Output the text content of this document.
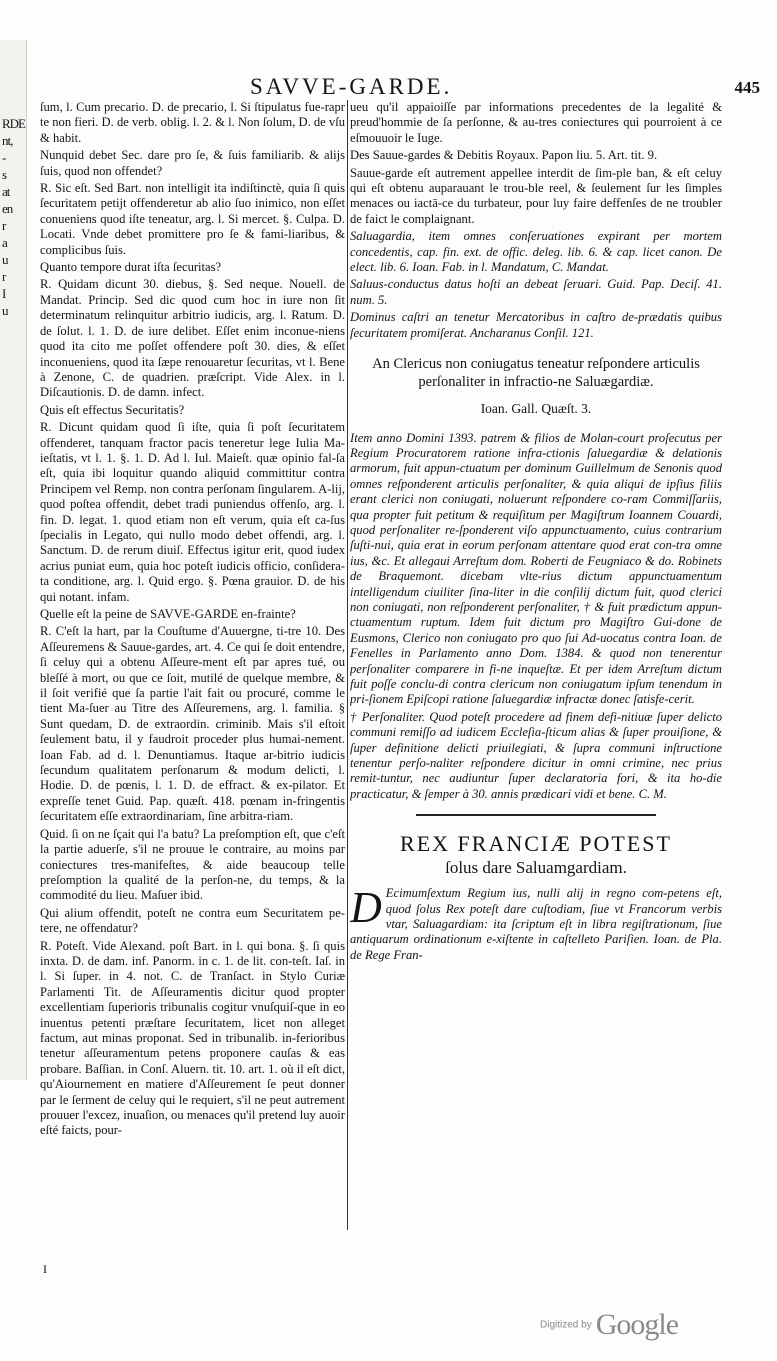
RDE
nt,
-
s
at
en
r
a
u
r
I
u
SAVVE-GARDE.	445

ſum, l. Cum precario. D. de precario, l. Si ſtipulatus fue-rapr te non fieri. D. de verb. oblig. l. 2. & l. Non ſolum, D. de vſu & habit.

Nunquid debet Sec. dare pro ſe, & ſuis familiarib. & alijs ſuis, quod non offendet?

R. Sic eſt. Sed Bart. non intelligit ita indiſtinctè, quia ſi quis ſecuritatem petijt offenderetur ab alio ſuo inimico, non eſſet conueniens quod iſte teneatur, arg. l. Si mercet. §. Culpa. D. Locati. Vnde debet promittere pro ſe & fami-liaribus, & complicibus ſuis.

Quanto tempore durat iſta ſecuritas?

R. Quidam dicunt 30. diebus, §. Sed neque. Nouell. de Mandat. Princip. Sed dic quod cum hoc in iure non ſit determinatum relinquitur arbitrio iudicis, arg. l. Ratum. D. de ſolut. l. 1. D. de iure delibet. Eſſet enim inconue-niens quod ita cito me poſſet offendere poſt 30. dies, & eſſet inconueniens, quod ita ſæpe renouaretur ſecuritas, vt l. Bene à Zenone, C. de quadrien. præſcript. Vide Alex. in l. Diſcautionis. D. de damn. infect.

Quis eſt effectus Securitatis?

R. Dicunt quidam quod ſi iſte, quia ſi poſt ſecuritatem offenderet, tanquam fractor pacis teneretur lege Iulia Ma-ieſtatis, vt l. 1. §. 1. D. Ad l. Iul. Maieſt. quæ opinio fal-ſa eſt, quia ibi loquitur quando aliquid committitur contra Principem vel Remp. non contra perſonam ſingularem. A-lij, quod poſtea offendit, debet tradi puniendus offenſo, arg. l. fin. D. legat. 1. quod etiam non eſt verum, quia eſt ca-ſus ſpecialis in Legato, qui nullo modo debet offendi, arg. l. Sanctum. D. de rerum diuiſ. Effectus igitur erit, quod iudex acrius puniat eum, quia hoc poteſt iudicis officio, conſidera-ta conditione, arg. l. Quid ergo. §. Pœna grauior. D. de his qui notant. infam.

Quelle eſt la peine de SAVVE-GARDE en-frainte?

R. C'eſt la hart, par la Couſtume d'Auuergne, ti-tre 10. Des Aſſeuremens & Sauue-gardes, art. 4. Ce qui ſe doit entendre, ſi celuy qui a obtenu Aſſeure-ment eſt par apres tué, ou bleſſé à mort, ou que ce ſoit, mutilé de quelque membre, & il ſoit verifié que ſa partie l'ait fait ou procuré, comme le tient Ma-ſuer au Titre des Aſſeuremens, arg. l. familia. § Sunt quedam, D. de extraordin. criminib. Mais s'il eſtoit ſeulement batu, il y faudroit proceder plus humai-nement. Ioan Fab. ad d. l. Denuntiamus. Itaque ar-bitrio iudicis ſecundum qualitatem perſonarum & modum delicti, l. Hodie. D. de pœnis, l. 1. D. de effract. & ex-pilator. Et expreſſe tenet Guid. Pap. quæſt. 418. pœnam in-fringentis ſecuritatem eſſe extraordinariam, ſine arbitra-riam.

Quid. ſi on ne ſçait qui l'a batu? La preſomption eſt, que c'eſt la partie aduerſe, s'il ne prouue le contraire, au moins par coniectures tres-manifeſtes, & aide beaucoup telle preſomption la qualité de la perſon-ne, du temps, & la commodité du lieu. Maſuer ibid.

Qui alium offendit, poteſt ne contra eum Securitatem pe-tere, ne offendatur?

R. Poteſt. Vide Alexand. poſt Bart. in l. qui bona. §. ſi quis inxta. D. de dam. inf. Panorm. in c. 1. de lit. con-teſt. Iaſ. in l. Si ſuper. in 4. not. C. de Tranſact. in Stylo Curiæ Parlamenti Tit. de Aſſeuramentis dicitur quod propter excellentiam ſuperioris tribunalis cogitur vnuſquiſ-que in eo inuentus petenti præſtare ſecuritatem, licet non alleget factum, aut minas proponat. Sed in tribunalib. in-ferioribus tenetur aſſeuramentum petens proponere cauſas & eas probare. Baſſian. in Conſ. Aluern. tit. 10. art. 1. où il eſt dict, qu'Aiournement en matiere d'Aſſeurement ſe peut donner par le ſerment de celuy qui le requiert, s'il ne peut autrement prouuer l'excez, inuaſion, ou menaces qu'il pretend luy auoir eſté faicts, pour-

ueu qu'il appaioiſſe par informations precedentes de la legalité & preud'hommie de ſa perſonne, & au-tres coniectures qui pourroient à ce eſmouuoir le Iuge.

Des Sauue-gardes & Debitis Royaux. Papon liu. 5. Art. tit. 9.

Sauue-garde eſt autrement appellee interdit de ſim-ple ban, & eſt celuy qui eſt obtenu auparauant le trou-ble reel, & ſeulement ſur les ſimples menaces ou iactā-ce du turbateur, pour luy faire deffenſes de ne troubler de faict le complaignant.

Saluagardia, item omnes conſeruationes expirant per mortem concedentis, cap. fin. ext. de offic. deleg. lib. 6. & cap. licet canon. De elect. lib. 6. Ioan. Fab. in l. Mandatum, C. Mandat.

Saluus-conductus datus hoſti an debeat ſeruari. Guid. Pap. Deciſ. 41. num. 5.

Dominus caſtri an tenetur Mercatoribus in caſtro de-prædatis quibus ſecuritatem promiſerat. Ancharanus Conſil. 121.

An Clericus non coniugatus teneatur reſpondere articulis perſonaliter in infractio-ne Saluægardiæ.

Ioan. Gall. Quæſt. 3.

Item anno Domini 1393. patrem & filios de Molan-court proſecutus per Regium Procuratorem ratione infra-ctionis ſaluegardiæ & delationis armorum, fuit appun-ctuatum per dominum Guillelmum de Senonis quod omnes reſponderent articulis perſonaliter, & quia aliqui de ipſius filiis erant clerici non coniugati, noluerunt reſpondere co-ram Commiſſariis, qua propter fuit petitum & requiſitum per Magiſtrum Ioannem Couardi, quod perſonaliter re-ſponderent viſo appunctuamento, cuius contrarium ſuſti-nui, quia erat in eorum perſonam attentare quod erat con-tra omne ius, &c. Et allegaui Arreſtum dom. Roberti de Feugniaco & do. Robinets de Braquemont. dicebam vlte-rius dictum appunctuamentum intelligendum ciuiliter ſina-liter in die conſilij dictum fuit, quod clerici non coniugati, non reſponderent perſonaliter, † & fuit prædictum appun-ctuamentum ruptum. Idem fuit dictum pro Magiſtro Gui-done de Eusmons, Clerico non coniugato pro quo ſui Ad-uocatus contra Ioan. de Fenelles in Parlamento anno Dom. 1384. & quod non tenerentur perſonaliter comparere in fi-ne inqueſtæ. Et per idem Arreſtum dictum fuit poſſe conclu-di contra clericum non coniugatum ipſum tenendum in pri-ſionem Epiſcopi ratione ſaluegardiæ infractæ donec ſatisfe-cerit.

† Perſonaliter. Quod poteſt procedere ad finem defi-nitiuæ ſuper delicto communi remiſſo ad iudicem Eccleſia-ſticum alias & ſuper prouiſione, & ſuper definitione delicti priuilegiati, & ſupra communi inſtructione tenentur perſo-naliter reſpondere dicitur in omni crimine, nec prius remit-tuntur, nec audiuntur ſuper declaratoria fori, & ita ho-die practicatur, & ſemper à 30. annis prædicari vidi et bene. C. M.

REX FRANCIÆ POTEST

ſolus dare Saluamgardiam.

D Ecimumſextum Regium ius, nulli alij in regno com-petens eſt, quod ſolus Rex poteſt dare cuſtodiam, ſiue vt Francorum verbis vtar, Saluagardiam: ita ſcriptum eſt in libra regiſtrationum, ſiue antiquarum ordinationum e-xiſtente in caſtelleto Pariſien. Ioan. de Pla. de Rege Fran-

I
Digitized by Google
